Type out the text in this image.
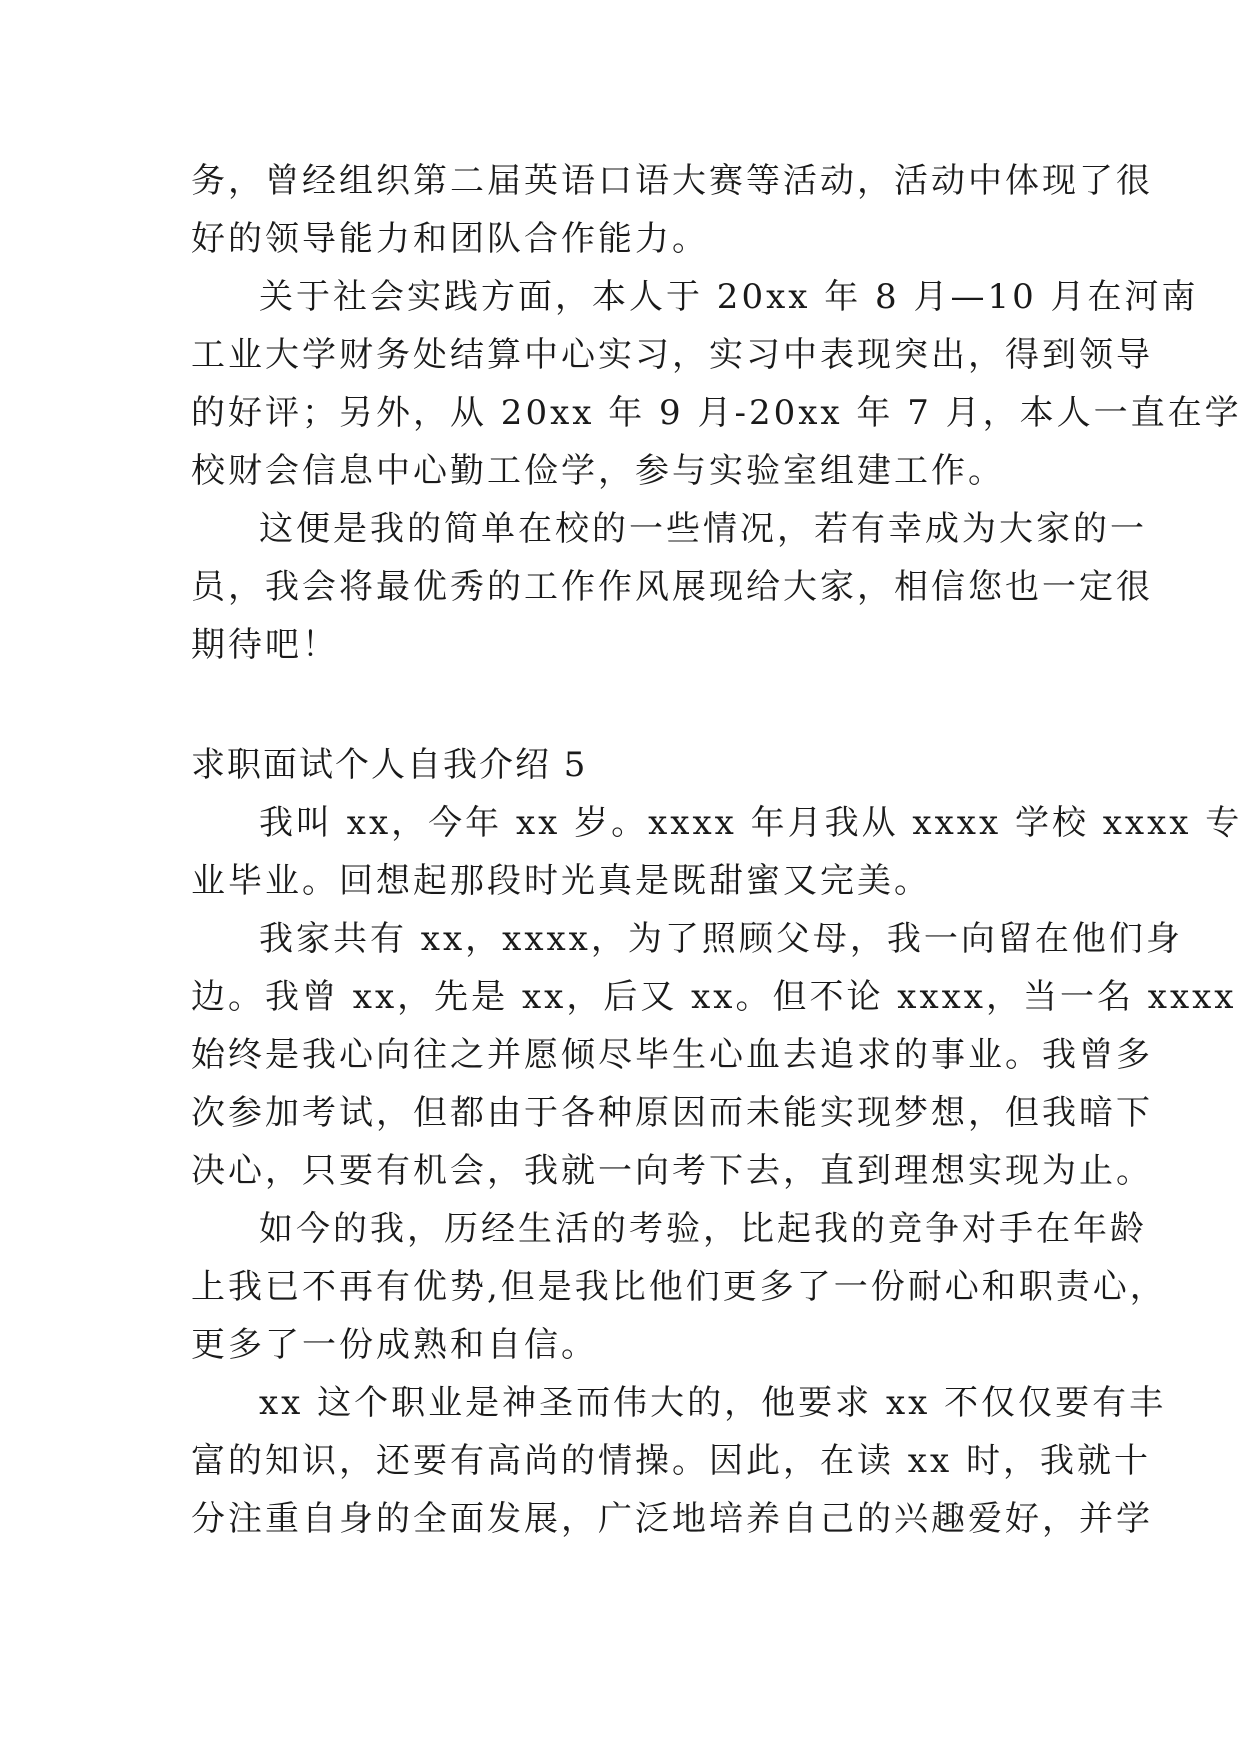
务，曾经组织第二届英语口语大赛等活动，活动中体现了很
好的领导能力和团队合作能力。
关于社会实践方面，本人于 20xx 年 8 月—10 月在河南
工业大学财务处结算中心实习，实习中表现突出，得到领导
的好评；另外，从 20xx 年 9 月-20xx 年 7 月，本人一直在学
校财会信息中心勤工俭学，参与实验室组建工作。
这便是我的简单在校的一些情况，若有幸成为大家的一
员，我会将最优秀的工作作风展现给大家，相信您也一定很
期待吧！
求职面试个人自我介绍 5
我叫 xx，今年 xx 岁。xxxx 年月我从 xxxx 学校 xxxx 专
业毕业。回想起那段时光真是既甜蜜又完美。
我家共有 xx，xxxx，为了照顾父母，我一向留在他们身
边。我曾 xx，先是 xx，后又 xx。但不论 xxxx，当一名 xxxx
始终是我心向往之并愿倾尽毕生心血去追求的事业。我曾多
次参加考试，但都由于各种原因而未能实现梦想，但我暗下
决心，只要有机会，我就一向考下去，直到理想实现为止。
如今的我，历经生活的考验，比起我的竞争对手在年龄
上我已不再有优势,但是我比他们更多了一份耐心和职责心，
更多了一份成熟和自信。
xx 这个职业是神圣而伟大的，他要求 xx 不仅仅要有丰
富的知识，还要有高尚的情操。因此，在读 xx 时，我就十
分注重自身的全面发展，广泛地培养自己的兴趣爱好，并学
